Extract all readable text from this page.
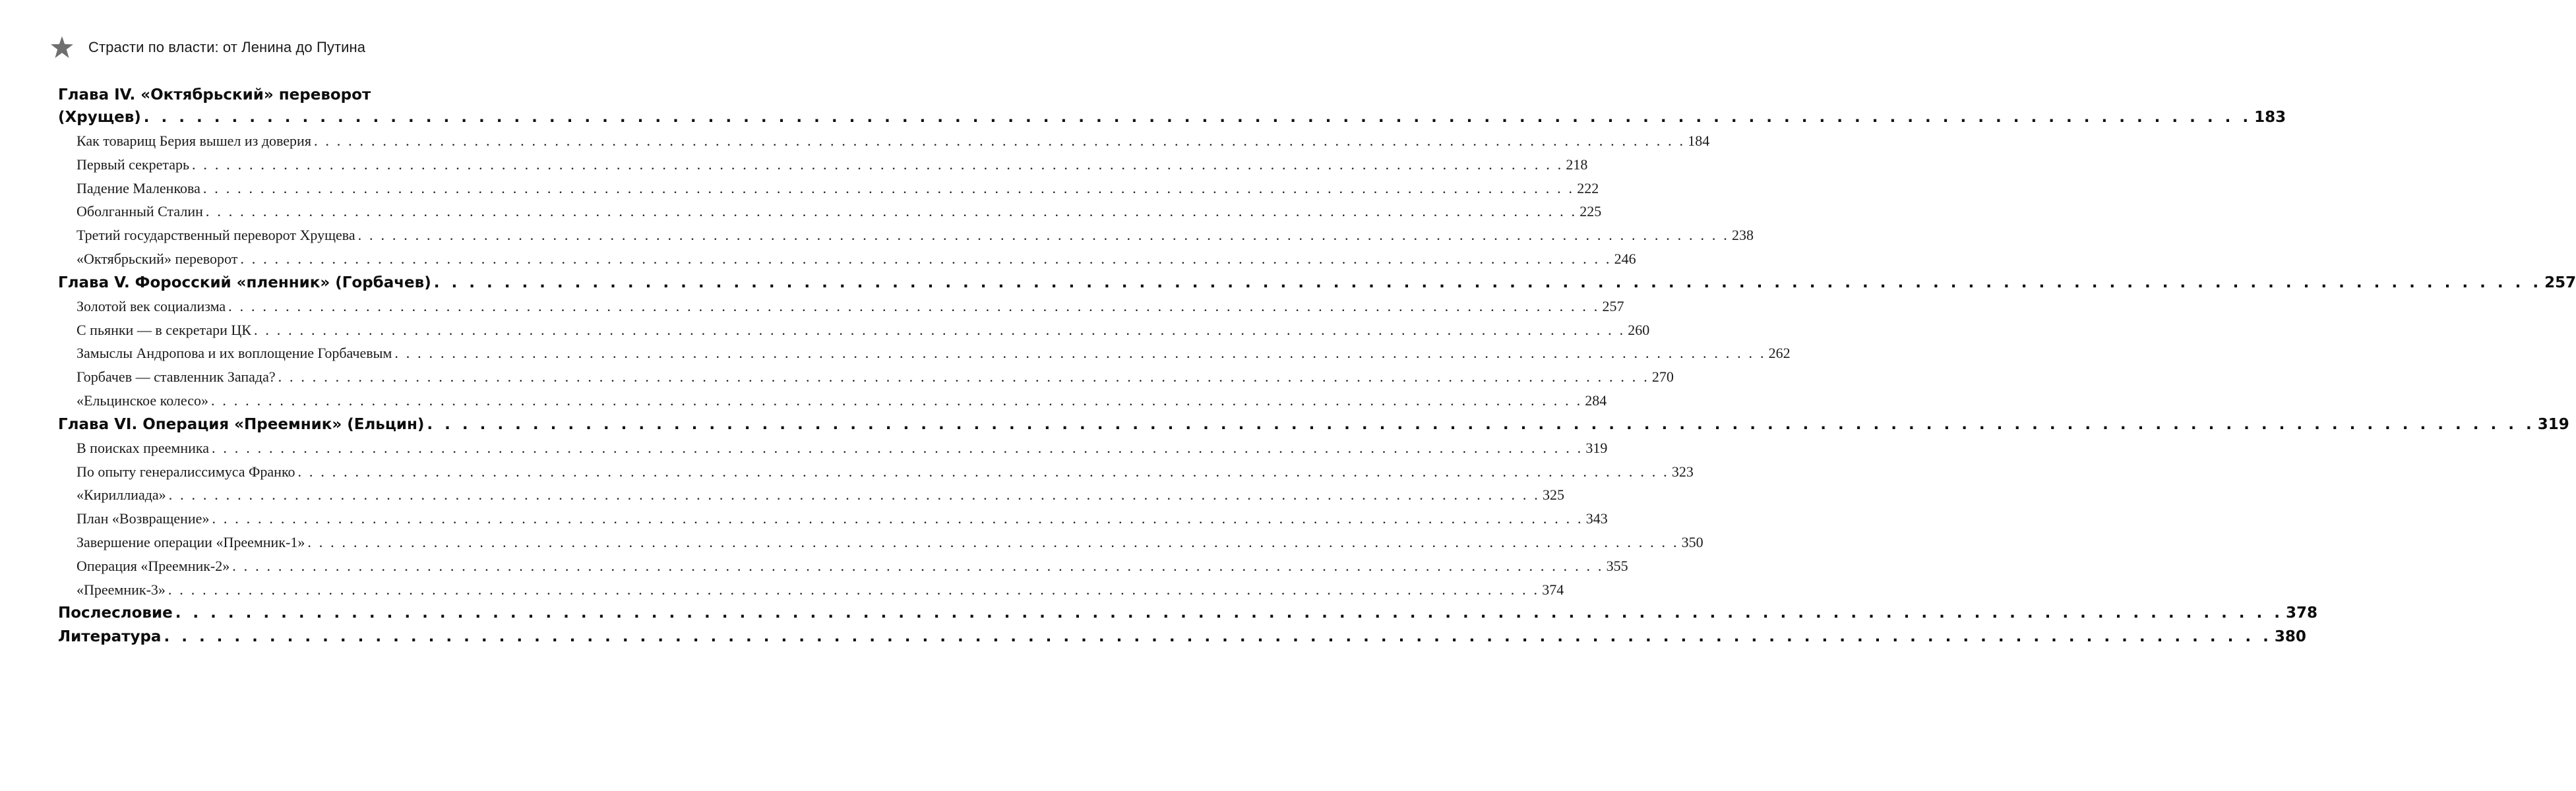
Страсти по власти: от Ленина до Путина
Глава IV. «Октябрьский» переворот
(Хрущев) . . . . . . . . . . . . . . . . . . . . . . . . . . . . . . . . . . . . . . . . . . . . . . . . . . . . . . . . . . . . . . . . . . . . . . . . . . . . . . . . . . . . . . . . . . . . . . . . . . . . . . . . . . . . . . . . . . . . . . . . 183
Как товарищ Берия вышел из доверия . . . . . . . . . . . . . . . . . . . . . . . . . . . . . . . . . . . . . . . . . . . . . . . . . . . . . . . . . . . . . . . . . . . . . . . . . . . . . . . . . . . . . . . . . . . . . . . . . . . . . . . . . . . . . . . . . . . . . . . . 184
Первый секретарь . . . . . . . . . . . . . . . . . . . . . . . . . . . . . . . . . . . . . . . . . . . . . . . . . . . . . . . . . . . . . . . . . . . . . . . . . . . . . . . . . . . . . . . . . . . . . . . . . . . . . . . . . . . . . . . . . . . . . . . . 218
Падение Маленкова . . . . . . . . . . . . . . . . . . . . . . . . . . . . . . . . . . . . . . . . . . . . . . . . . . . . . . . . . . . . . . . . . . . . . . . . . . . . . . . . . . . . . . . . . . . . . . . . . . . . . . . . . . . . . . . . . . . . . . . . 222
Оболганный Сталин . . . . . . . . . . . . . . . . . . . . . . . . . . . . . . . . . . . . . . . . . . . . . . . . . . . . . . . . . . . . . . . . . . . . . . . . . . . . . . . . . . . . . . . . . . . . . . . . . . . . . . . . . . . . . . . . . . . . . . . . 225
Третий государственный переворот Хрущева . . . . . . . . . . . . . . . . . . . . . . . . . . . . . . . . . . . . . . . . . . . . . . . . . . . . . . . . . . . . . . . . . . . . . . . . . . . . . . . . . . . . . . . . . . . . . . . . . . . . . . . . . . . . . . . . . . . . . . . . 238
«Октябрьский» переворот . . . . . . . . . . . . . . . . . . . . . . . . . . . . . . . . . . . . . . . . . . . . . . . . . . . . . . . . . . . . . . . . . . . . . . . . . . . . . . . . . . . . . . . . . . . . . . . . . . . . . . . . . . . . . . . . . . . . . . . . 246
Глава V. Форосский «пленник» (Горбачев) . . . . . . . . . . . . . . . . . . . . . . . . . . . . . . . . . . . . . . . . . . . . . . . . . . . . . . . . . . . . . . . . . . . . . . . . . . . . . . . . . . . . . . . . . . . . . . . . . . . . . . . . . . . . . . . . . . . . . . . . 257
Золотой век социализма . . . . . . . . . . . . . . . . . . . . . . . . . . . . . . . . . . . . . . . . . . . . . . . . . . . . . . . . . . . . . . . . . . . . . . . . . . . . . . . . . . . . . . . . . . . . . . . . . . . . . . . . . . . . . . . . . . . . . . . . 257
С пьянки — в секретари ЦК . . . . . . . . . . . . . . . . . . . . . . . . . . . . . . . . . . . . . . . . . . . . . . . . . . . . . . . . . . . . . . . . . . . . . . . . . . . . . . . . . . . . . . . . . . . . . . . . . . . . . . . . . . . . . . . . . . . . . . . . 260
Замыслы Андропова и их воплощение Горбачевым . . . . . . . . . . . . . . . . . . . . . . . . . . . . . . . . . . . . . . . . . . . . . . . . . . . . . . . . . . . . . . . . . . . . . . . . . . . . . . . . . . . . . . . . . . . . . . . . . . . . . . . . . . . . . . . . . . . . . . . . 262
Горбачев — ставленник Запада? . . . . . . . . . . . . . . . . . . . . . . . . . . . . . . . . . . . . . . . . . . . . . . . . . . . . . . . . . . . . . . . . . . . . . . . . . . . . . . . . . . . . . . . . . . . . . . . . . . . . . . . . . . . . . . . . . . . . . . . . 270
«Ельцинское колесо» . . . . . . . . . . . . . . . . . . . . . . . . . . . . . . . . . . . . . . . . . . . . . . . . . . . . . . . . . . . . . . . . . . . . . . . . . . . . . . . . . . . . . . . . . . . . . . . . . . . . . . . . . . . . . . . . . . . . . . . . 284
Глава VI. Операция «Преемник» (Ельцин) . . . . . . . . . . . . . . . . . . . . . . . . . . . . . . . . . . . . . . . . . . . . . . . . . . . . . . . . . . . . . . . . . . . . . . . . . . . . . . . . . . . . . . . . . . . . . . . . . . . . . . . . . . . . . . . . . . . . . . . . 319
В поисках преемника . . . . . . . . . . . . . . . . . . . . . . . . . . . . . . . . . . . . . . . . . . . . . . . . . . . . . . . . . . . . . . . . . . . . . . . . . . . . . . . . . . . . . . . . . . . . . . . . . . . . . . . . . . . . . . . . . . . . . . . . 319
По опыту генералиссимуса Франко . . . . . . . . . . . . . . . . . . . . . . . . . . . . . . . . . . . . . . . . . . . . . . . . . . . . . . . . . . . . . . . . . . . . . . . . . . . . . . . . . . . . . . . . . . . . . . . . . . . . . . . . . . . . . . . . . . . . . . . . 323
«Кириллиада» . . . . . . . . . . . . . . . . . . . . . . . . . . . . . . . . . . . . . . . . . . . . . . . . . . . . . . . . . . . . . . . . . . . . . . . . . . . . . . . . . . . . . . . . . . . . . . . . . . . . . . . . . . . . . . . . . . . . . . . . 325
План «Возвращение» . . . . . . . . . . . . . . . . . . . . . . . . . . . . . . . . . . . . . . . . . . . . . . . . . . . . . . . . . . . . . . . . . . . . . . . . . . . . . . . . . . . . . . . . . . . . . . . . . . . . . . . . . . . . . . . . . . . . . . . . 343
Завершение операции «Преемник-1» . . . . . . . . . . . . . . . . . . . . . . . . . . . . . . . . . . . . . . . . . . . . . . . . . . . . . . . . . . . . . . . . . . . . . . . . . . . . . . . . . . . . . . . . . . . . . . . . . . . . . . . . . . . . . . . . . . . . . . . . 350
Операция «Преемник-2» . . . . . . . . . . . . . . . . . . . . . . . . . . . . . . . . . . . . . . . . . . . . . . . . . . . . . . . . . . . . . . . . . . . . . . . . . . . . . . . . . . . . . . . . . . . . . . . . . . . . . . . . . . . . . . . . . . . . . . . . 355
«Преемник-3» . . . . . . . . . . . . . . . . . . . . . . . . . . . . . . . . . . . . . . . . . . . . . . . . . . . . . . . . . . . . . . . . . . . . . . . . . . . . . . . . . . . . . . . . . . . . . . . . . . . . . . . . . . . . . . . . . . . . . . . . 374
Послесловие . . . . . . . . . . . . . . . . . . . . . . . . . . . . . . . . . . . . . . . . . . . . . . . . . . . . . . . . . . . . . . . . . . . . . . . . . . . . . . . . . . . . . . . . . . . . . . . . . . . . . . . . . . . . . . . . . . . . . . . . 378
Литература . . . . . . . . . . . . . . . . . . . . . . . . . . . . . . . . . . . . . . . . . . . . . . . . . . . . . . . . . . . . . . . . . . . . . . . . . . . . . . . . . . . . . . . . . . . . . . . . . . . . . . . . . . . . . . . . . . . . . . . . 380
